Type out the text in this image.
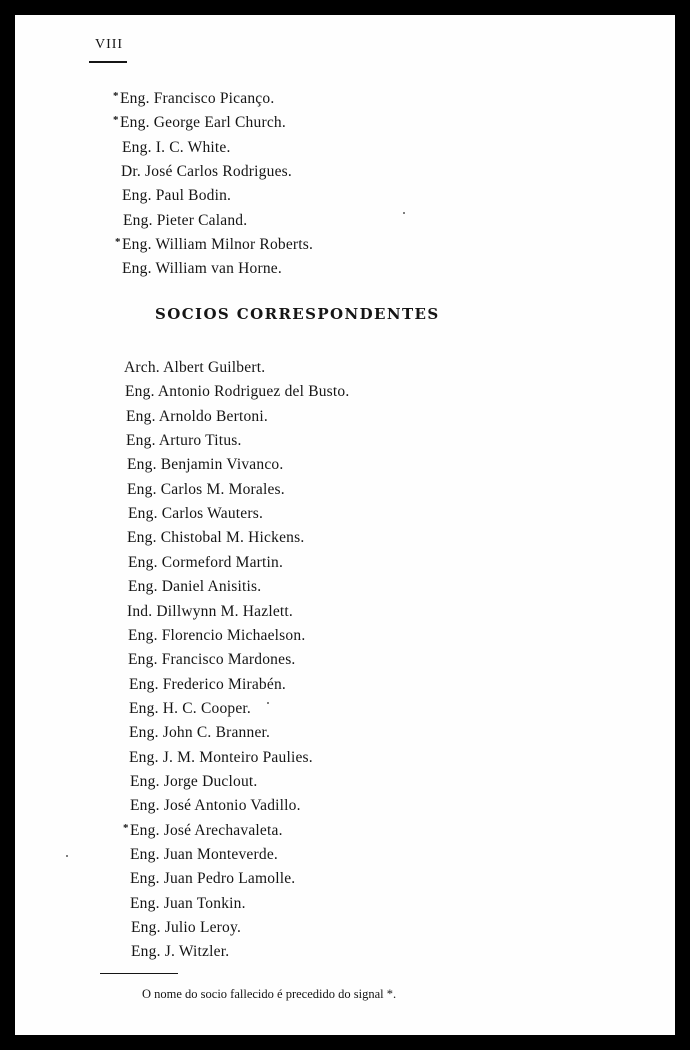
VIII
* Eng. Francisco Picanço.
* Eng. George Earl Church.
Eng. I. C. White.
Dr. José Carlos Rodrigues.
Eng. Paul Bodin.
Eng. Pieter Caland.
* Eng. William Milnor Roberts.
Eng. William van Horne.
SOCIOS CORRESPONDENTES
Arch. Albert Guilbert.
Eng. Antonio Rodriguez del Busto.
Eng. Arnoldo Bertoni.
Eng. Arturo Titus.
Eng. Benjamin Vivanco.
Eng. Carlos M. Morales.
Eng. Carlos Wauters.
Eng. Chistobal M. Hickens.
Eng. Cormeford Martin.
Eng. Daniel Anisitis.
Ind. Dillwynn M. Hazlett.
Eng. Florencio Michaelson.
Eng. Francisco Mardones.
Eng. Frederico Mirabén.
Eng. H. C. Cooper.
Eng. John C. Branner.
Eng. J. M. Monteiro Paulies.
Eng. Jorge Duclout.
Eng. José Antonio Vadillo.
* Eng. José Arechavaleta.
Eng. Juan Monteverde.
Eng. Juan Pedro Lamolle.
Eng. Juan Tonkin.
Eng. Julio Leroy.
Eng. J. Witzler.
O nome do socio fallecido é precedido do signal *.
